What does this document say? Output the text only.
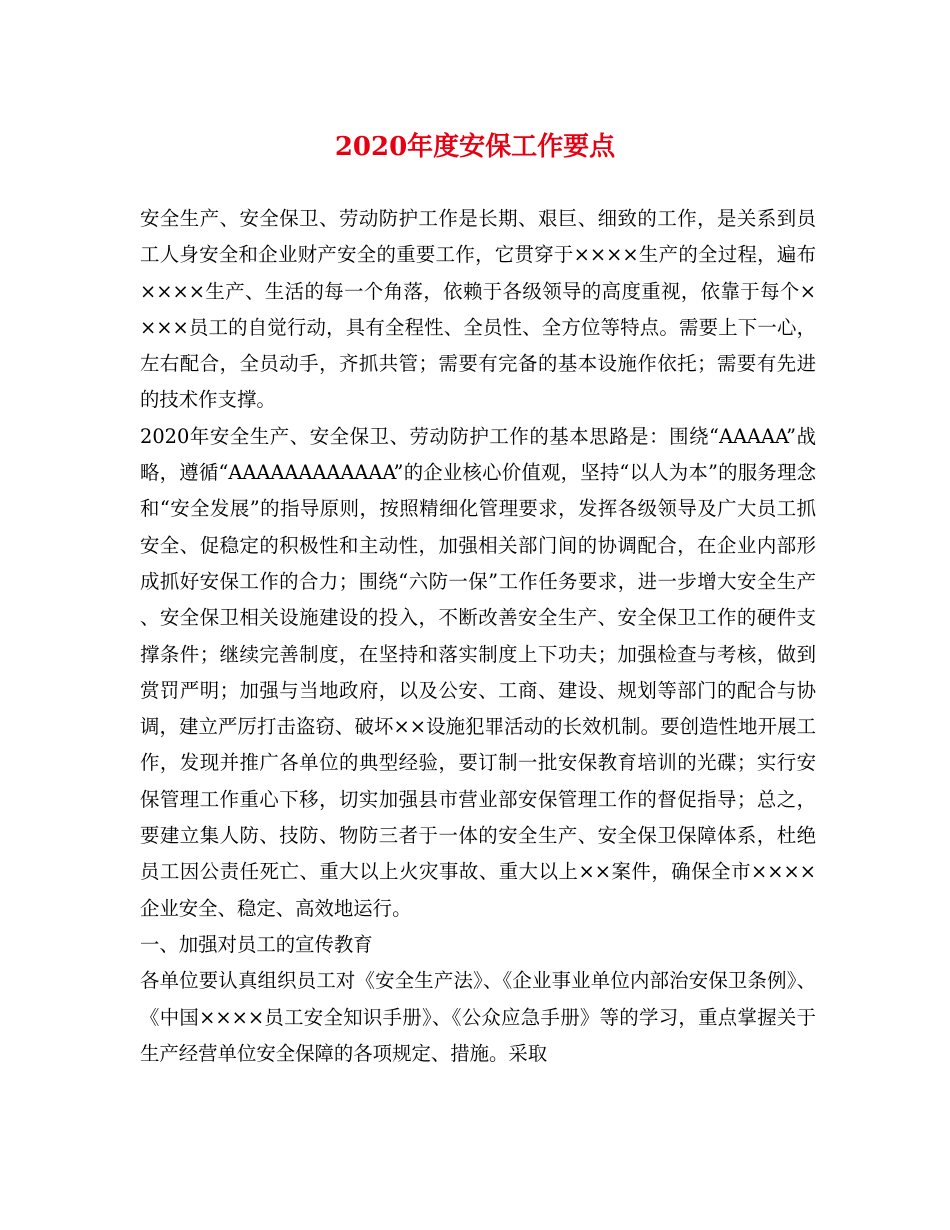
2020年度安保工作要点

安全生产、安全保卫、劳动防护工作是长期、艰巨、细致的工作，是关系到员工人身安全和企业财产安全的重要工作，它贯穿于××××生产的全过程，遍布××××生产、生活的每一个角落，依赖于各级领导的高度重视，依靠于每个××××员工的自觉行动，具有全程性、全员性、全方位等特点。需要上下一心，左右配合，全员动手，齐抓共管；需要有完备的基本设施作依托；需要有先进的技术作支撑。

2020年安全生产、安全保卫、劳动防护工作的基本思路是：围绕“AAAAA”战略，遵循“AAAAAAAAAAAA”的企业核心价值观，坚持“以人为本”的服务理念和“安全发展”的指导原则，按照精细化管理要求，发挥各级领导及广大员工抓安全、促稳定的积极性和主动性，加强相关部门间的协调配合，在企业内部形成抓好安保工作的合力；围绕“六防一保”工作任务要求，进一步增大安全生产、安全保卫相关设施建设的投入，不断改善安全生产、安全保卫工作的硬件支撑条件；继续完善制度，在坚持和落实制度上下功夫；加强检查与考核，做到赏罚严明；加强与当地政府，以及公安、工商、建设、规划等部门的配合与协调，建立严厉打击盗窃、破坏××设施犯罪活动的长效机制。要创造性地开展工作，发现并推广各单位的典型经验，要订制一批安保教育培训的光碟；实行安保管理工作重心下移，切实加强县市营业部安保管理工作的督促指导；总之，要建立集人防、技防、物防三者于一体的安全生产、安全保卫保障体系，杜绝员工因公责任死亡、重大以上火灾事故、重大以上××案件，确保全市××××企业安全、稳定、高效地运行。

一、加强对员工的宣传教育

各单位要认真组织员工对《安全生产法》、《企业事业单位内部治安保卫条例》、《中国××××员工安全知识手册》、《公众应急手册》等的学习，重点掌握关于生产经营单位安全保障的各项规定、措施。采取
